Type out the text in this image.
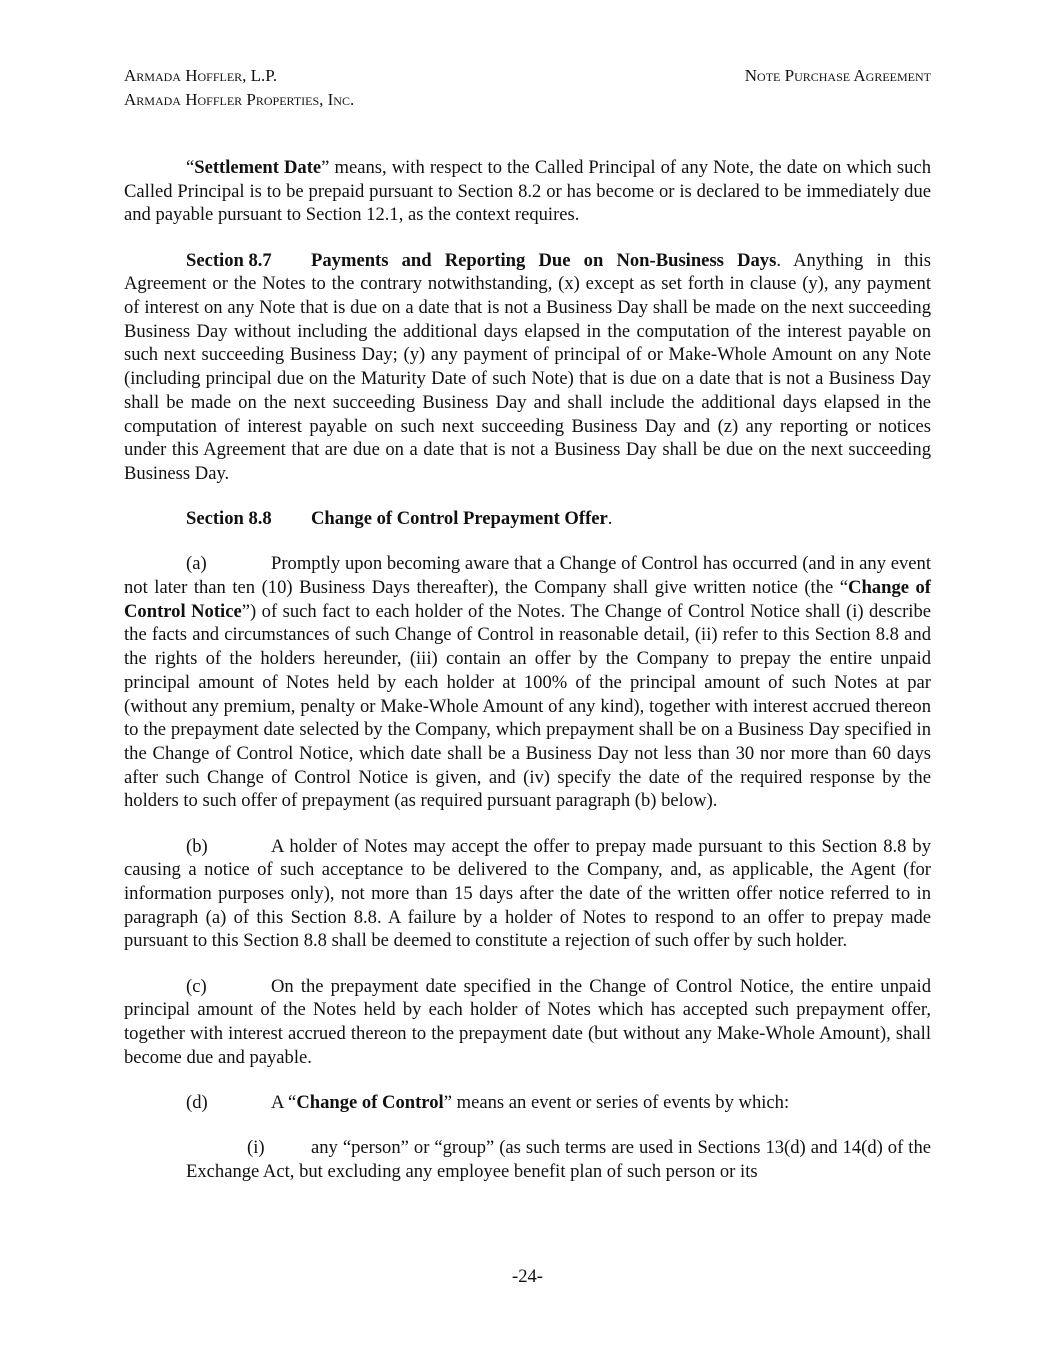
Armada Hoffler, L.P.
Armada Hoffler Properties, Inc.
Note Purchase Agreement

“Settlement Date” means, with respect to the Called Principal of any Note, the date on which such Called Principal is to be prepaid pursuant to Section 8.2 or has become or is declared to be immediately due and payable pursuant to Section 12.1, as the context requires.

Section 8.7 Payments and Reporting Due on Non-Business Days. Anything in this Agreement or the Notes to the contrary notwithstanding, (x) except as set forth in clause (y), any payment of interest on any Note that is due on a date that is not a Business Day shall be made on the next succeeding Business Day without including the additional days elapsed in the computation of the interest payable on such next succeeding Business Day; (y) any payment of principal of or Make-Whole Amount on any Note (including principal due on the Maturity Date of such Note) that is due on a date that is not a Business Day shall be made on the next succeeding Business Day and shall include the additional days elapsed in the computation of interest payable on such next succeeding Business Day and (z) any reporting or notices under this Agreement that are due on a date that is not a Business Day shall be due on the next succeeding Business Day.

Section 8.8 Change of Control Prepayment Offer.

(a)	Promptly upon becoming aware that a Change of Control has occurred (and in any event not later than ten (10) Business Days thereafter), the Company shall give written notice (the “Change of Control Notice”) of such fact to each holder of the Notes. The Change of Control Notice shall (i) describe the facts and circumstances of such Change of Control in reasonable detail, (ii) refer to this Section 8.8 and the rights of the holders hereunder, (iii) contain an offer by the Company to prepay the entire unpaid principal amount of Notes held by each holder at 100% of the principal amount of such Notes at par (without any premium, penalty or Make-Whole Amount of any kind), together with interest accrued thereon to the prepayment date selected by the Company, which prepayment shall be on a Business Day specified in the Change of Control Notice, which date shall be a Business Day not less than 30 nor more than 60 days after such Change of Control Notice is given, and (iv) specify the date of the required response by the holders to such offer of prepayment (as required pursuant paragraph (b) below).

(b)	A holder of Notes may accept the offer to prepay made pursuant to this Section 8.8 by causing a notice of such acceptance to be delivered to the Company, and, as applicable, the Agent (for information purposes only), not more than 15 days after the date of the written offer notice referred to in paragraph (a) of this Section 8.8. A failure by a holder of Notes to respond to an offer to prepay made pursuant to this Section 8.8 shall be deemed to constitute a rejection of such offer by such holder.

(c)	On the prepayment date specified in the Change of Control Notice, the entire unpaid principal amount of the Notes held by each holder of Notes which has accepted such prepayment offer, together with interest accrued thereon to the prepayment date (but without any Make-Whole Amount), shall become due and payable.

(d)	A “Change of Control” means an event or series of events by which:

(i) any “person” or “group” (as such terms are used in Sections 13(d) and 14(d) of the Exchange Act, but excluding any employee benefit plan of such person or its

-24-
